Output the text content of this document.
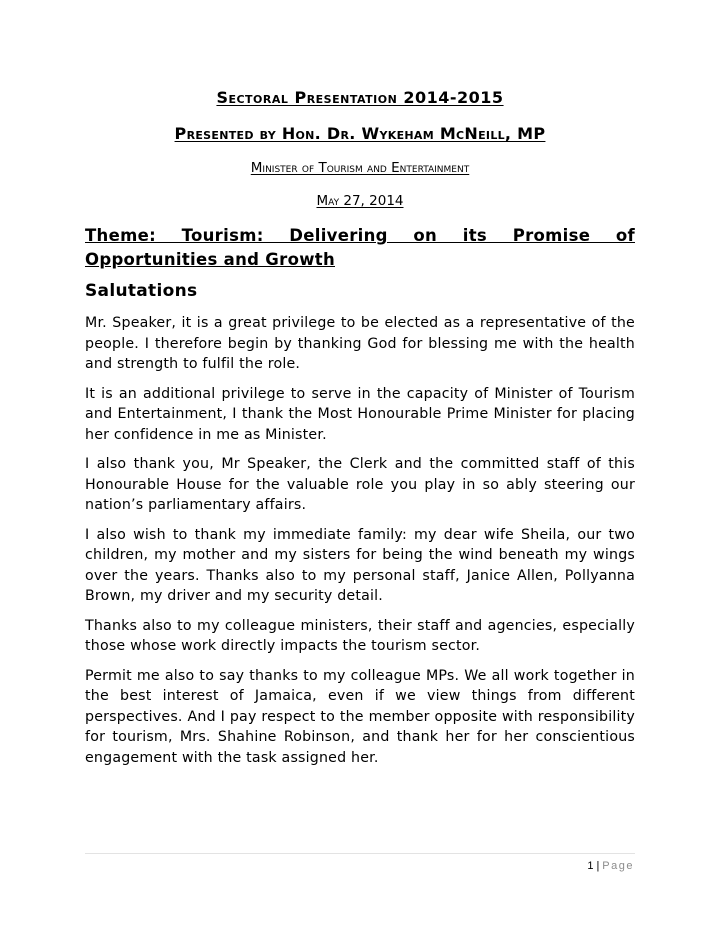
Sectoral Presentation 2014-2015
Presented by Hon. Dr. Wykeham McNeill, MP
Minister of Tourism and Entertainment
May 27, 2014
Theme: Tourism: Delivering on its Promise of Opportunities and Growth
Salutations

Mr. Speaker, it is a great privilege to be elected as a representative of the people. I therefore begin by thanking God for blessing me with the health and strength to fulfil the role.

It is an additional privilege to serve in the capacity of Minister of Tourism and Entertainment, I thank the Most Honourable Prime Minister for placing her confidence in me as Minister.

I also thank you, Mr Speaker, the Clerk and the committed staff of this Honourable House for the valuable role you play in so ably steering our nation’s parliamentary affairs.

I also wish to thank my immediate family: my dear wife Sheila, our two children, my mother and my sisters for being the wind beneath my wings over the years. Thanks also to my personal staff, Janice Allen, Pollyanna Brown, my driver and my security detail.

Thanks also to my colleague ministers, their staff and agencies, especially those whose work directly impacts the tourism sector.

Permit me also to say thanks to my colleague MPs. We all work together in the best interest of Jamaica, even if we view things from different perspectives. And I pay respect to the member opposite with responsibility for tourism, Mrs. Shahine Robinson, and thank her for her conscientious engagement with the task assigned her.

1 | Page
